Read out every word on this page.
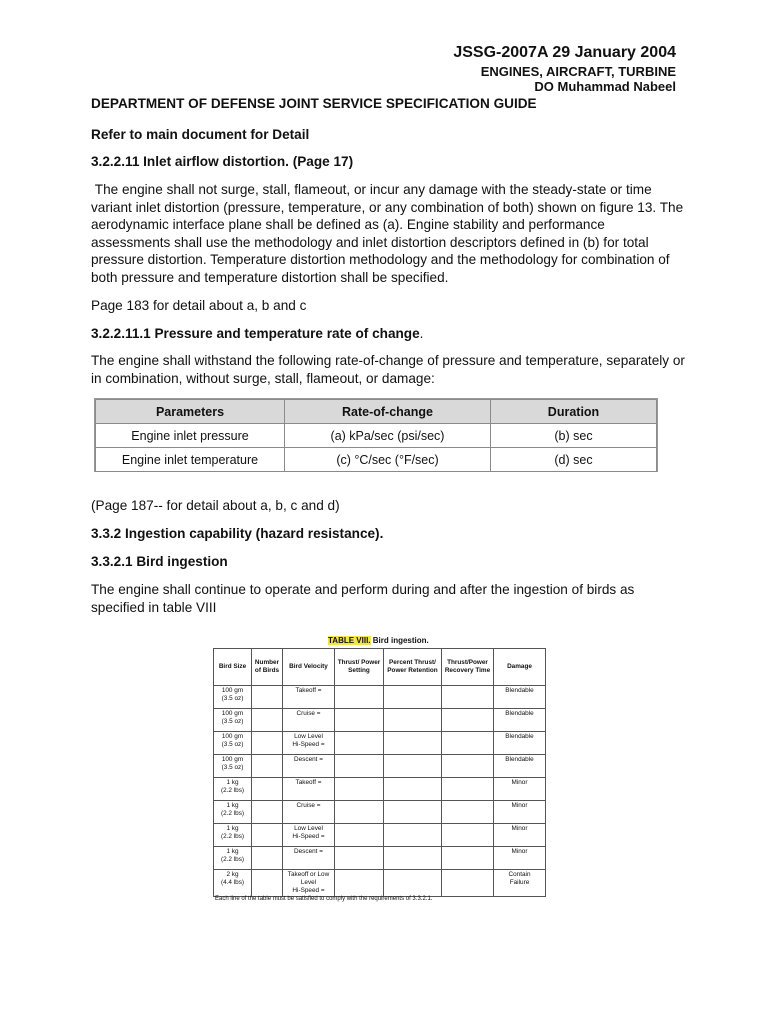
JSSG-2007A 29 January 2004
ENGINES, AIRCRAFT, TURBINE
DO Muhammad Nabeel
DEPARTMENT OF DEFENSE JOINT SERVICE SPECIFICATION GUIDE
Refer to main document for Detail
3.2.2.11 Inlet airflow distortion. (Page 17)
The engine shall not surge, stall, flameout, or incur any damage with the steady-state or time variant inlet distortion (pressure, temperature, or any combination of both) shown on figure 13. The aerodynamic interface plane shall be defined as (a). Engine stability and performance assessments shall use the methodology and inlet distortion descriptors defined in (b) for total pressure distortion. Temperature distortion methodology and the methodology for combination of both pressure and temperature distortion shall be specified.
Page 183 for detail about a, b and c
3.2.2.11.1 Pressure and temperature rate of change.
The engine shall withstand the following rate-of-change of pressure and temperature, separately or in combination, without surge, stall, flameout, or damage:
Parameters	Rate-of-change	Duration
Engine inlet pressure	(a) kPa/sec (psi/sec)	(b) sec
Engine inlet temperature	(c) °C/sec (°F/sec)	(d) sec
(Page 187-- for detail about a, b, c and d)
3.3.2 Ingestion capability (hazard resistance).
3.3.2.1 Bird ingestion
The engine shall continue to operate and perform during and after the ingestion of birds as specified in table VIII
TABLE VIII. Bird ingestion.
Bird Size	Number of Birds	Bird Velocity	Thrust/ Power Setting	Percent Thrust/ Power Retention	Thrust/Power Recovery Time	Damage
100 gm
(3.5 oz)		Takeoff =				Blendable
100 gm
(3.5 oz)		Cruise =				Blendable
100 gm
(3.5 oz)		Low Level
Hi-Speed =				Blendable
100 gm
(3.5 oz)		Descent =				Blendable
1 kg
(2.2 lbs)		Takeoff =				Minor
1 kg
(2.2 lbs)		Cruise =				Minor
1 kg
(2.2 lbs)		Low Level
Hi-Speed =				Minor
1 kg
(2.2 lbs)		Descent =				Minor
2 kg
(4.4 lbs)		Takeoff or Low
Level
Hi-Speed =				Contain
Failure
Each line of the table must be satisfied to comply with the requirements of 3.3.2.1.
